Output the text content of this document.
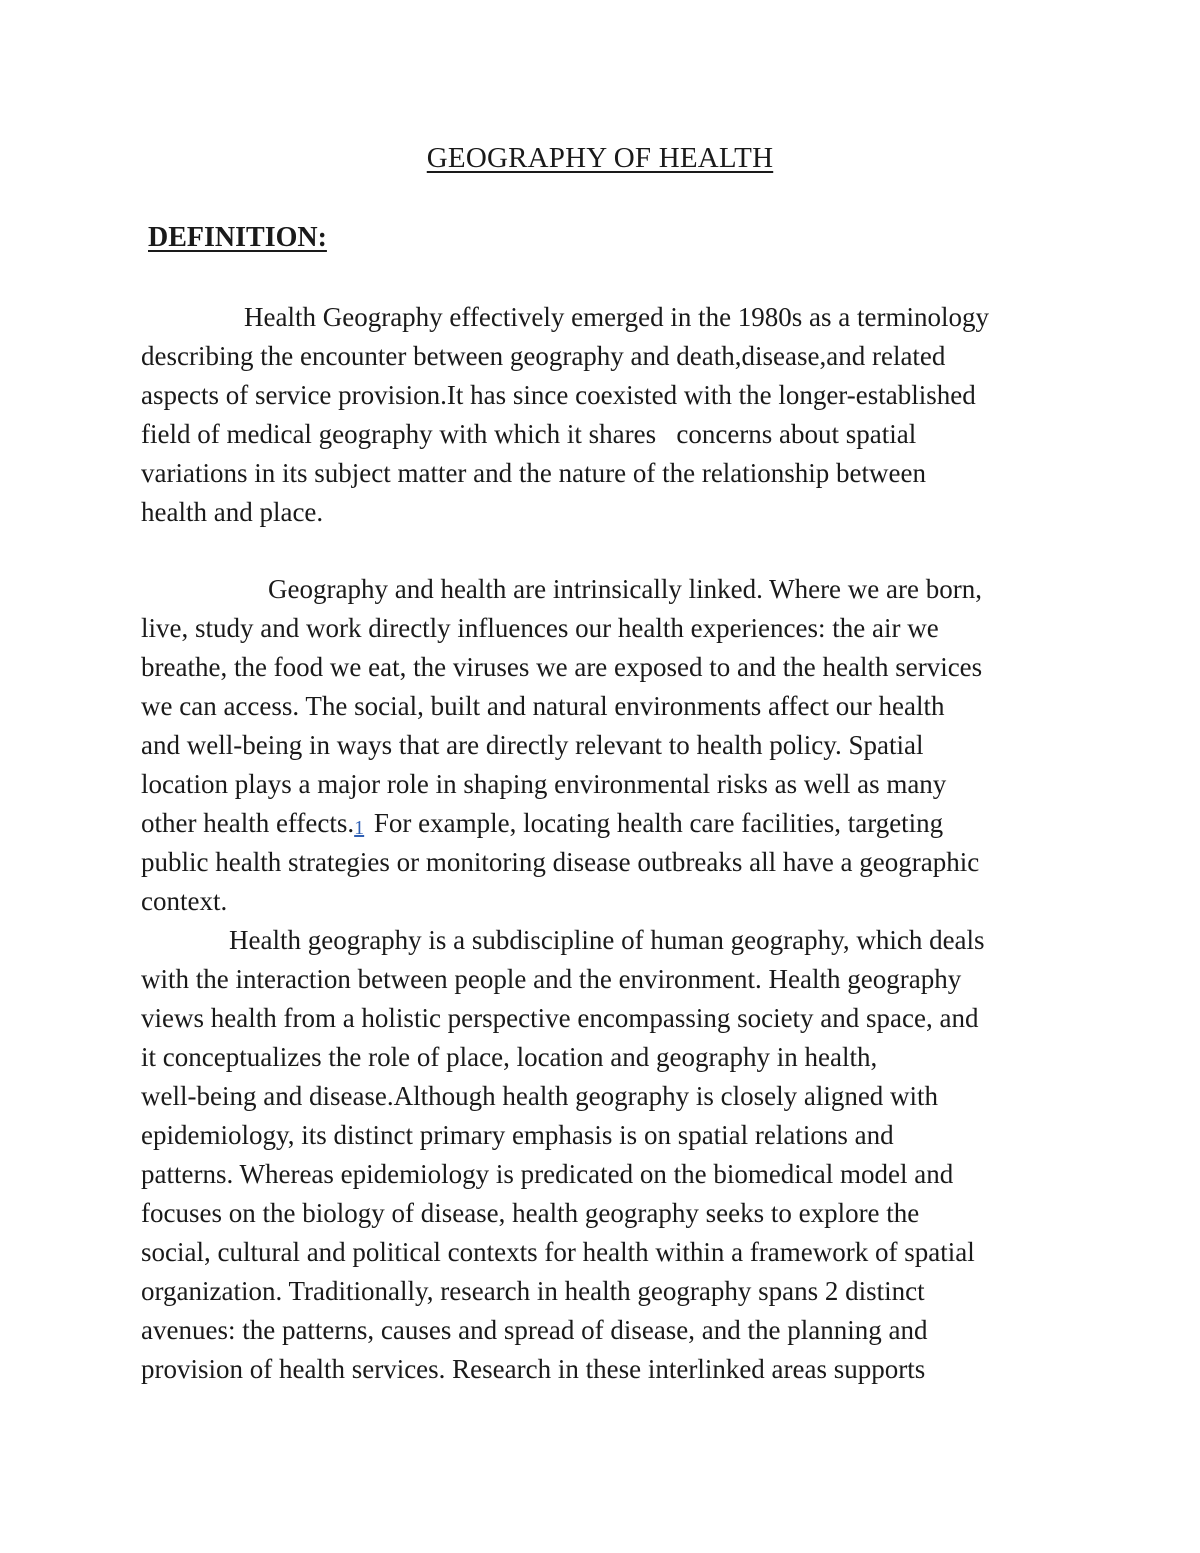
GEOGRAPHY OF HEALTH
DEFINITION:
Health Geography effectively emerged in the 1980s as a terminology
describing the encounter between geography and death,disease,and related
aspects of service provision.It has since coexisted with the longer-established
field of medical geography with which it shares   concerns about spatial
variations in its subject matter and the nature of the relationship between
health and place.
Geography and health are intrinsically linked. Where we are born,
live, study and work directly influences our health experiences: the air we
breathe, the food we eat, the viruses we are exposed to and the health services
we can access. The social, built and natural environments affect our health
and well-being in ways that are directly relevant to health policy. Spatial
location plays a major role in shaping environmental risks as well as many
other health effects.1 For example, locating health care facilities, targeting
public health strategies or monitoring disease outbreaks all have a geographic
context.
Health geography is a subdiscipline of human geography, which deals
with the interaction between people and the environment. Health geography
views health from a holistic perspective encompassing society and space, and
it conceptualizes the role of place, location and geography in health,
well-being and disease.Although health geography is closely aligned with
epidemiology, its distinct primary emphasis is on spatial relations and
patterns. Whereas epidemiology is predicated on the biomedical model and
focuses on the biology of disease, health geography seeks to explore the
social, cultural and political contexts for health within a framework of spatial
organization. Traditionally, research in health geography spans 2 distinct
avenues: the patterns, causes and spread of disease, and the planning and
provision of health services. Research in these interlinked areas supports
